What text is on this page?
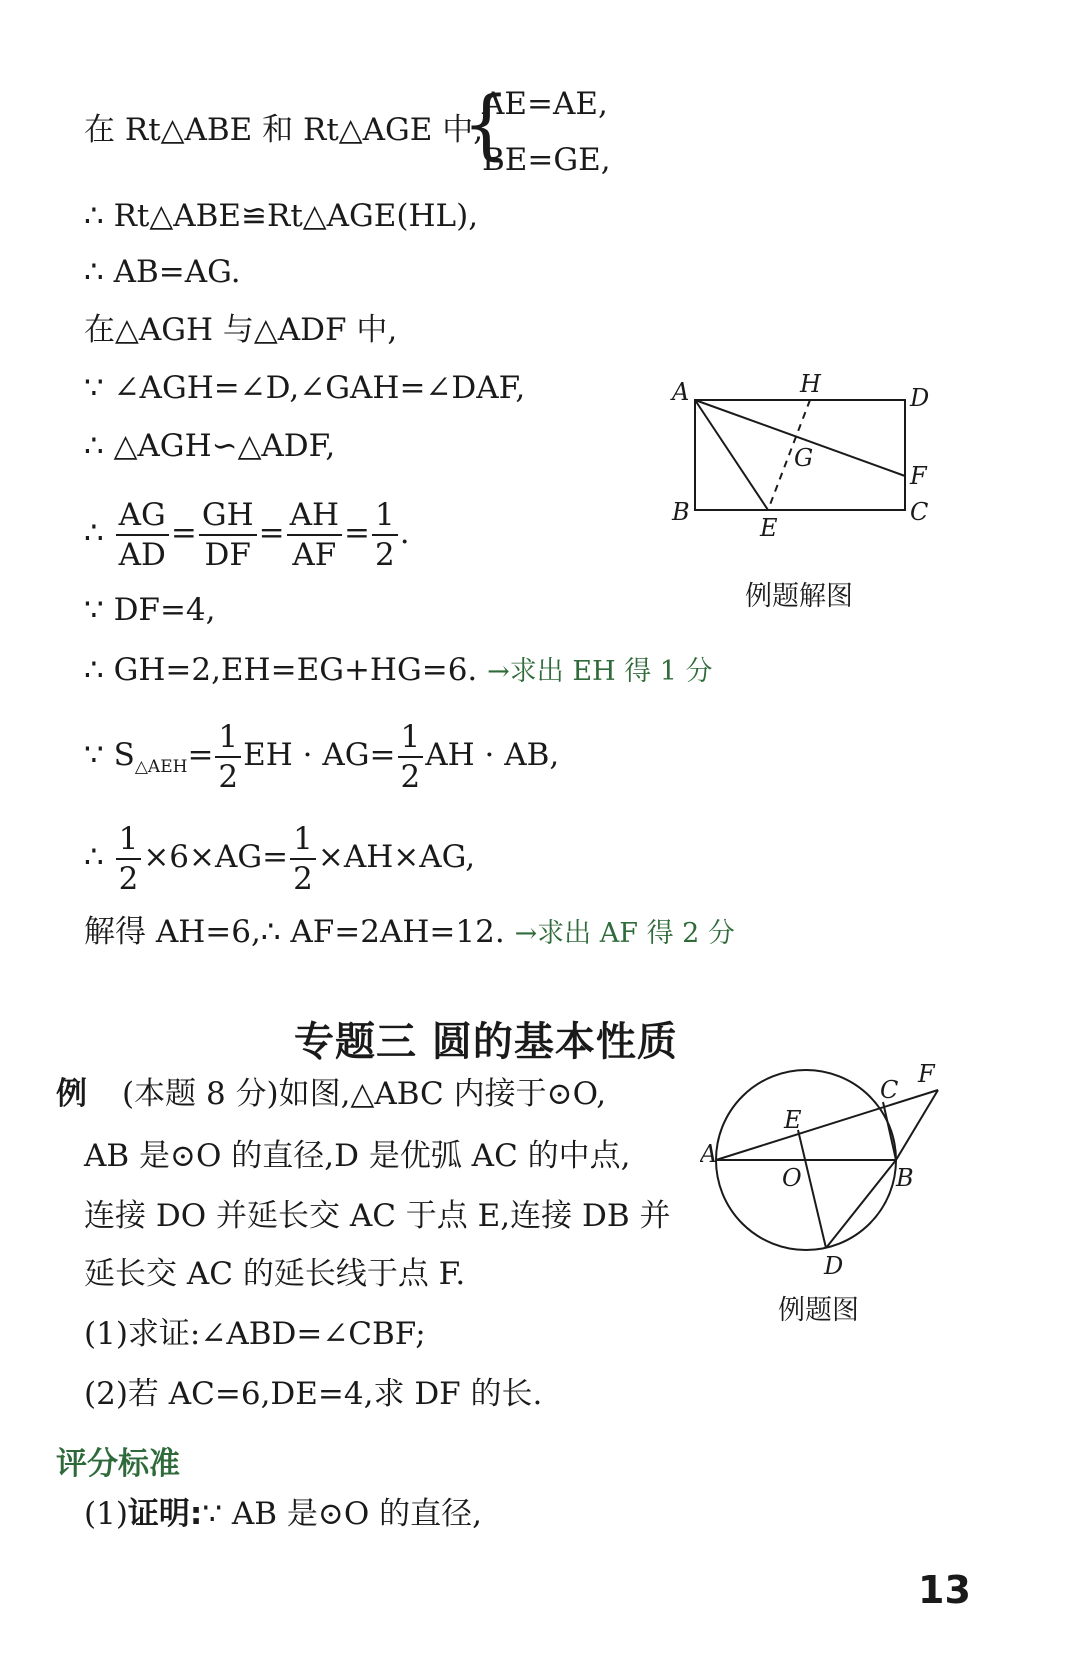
在 Rt△ABE 和 Rt△AGE 中,
{
AE=AE,
BE=GE,
∴ Rt△ABE≌Rt△AGE(HL),
∴ AB=AG.
在△AGH 与△ADF 中,
∵ ∠AGH=∠D,∠GAH=∠DAF,
∴ △AGH∽△ADF,
∴ $\frac{AG}{AD} = \frac{GH}{DF} = \frac{AH}{AF} = \frac{1}{2}$ .
∵ DF=4,
∴ GH=2,EH=EG+HG=6. →求出 EH 得 1 分
∵ $S_{\triangle AEH}= \frac{1}{2}$ EH · $AG= \frac{1}{2}$ AH · AB,
∴ $\frac{1}{2} \times 6\times AG= \frac{1}{2} \times AH\times AG$,
解得 AH=6,∴ AF=2AH=12. →求出 AF 得 2 分
A	H	D
G
F
B
E
C
例题解图
专题三 圆的基本性质
例 (本题 8 分)如图,△ABC 内接于⊙O,
AB 是⊙O 的直径,D 是优弧 AC 的中点,
连接 DO 并延长交 AC 于点 E,连接 DB 并
延长交 AC 的延长线于点 F.
(1)求证:∠ABD=∠CBF;
(2)若 AC=6,DE=4,求 DF 的长.
A
E
O	B
C
F
D
例题图
评分标准
(1)证明:∵ AB 是⊙O 的直径,
13
